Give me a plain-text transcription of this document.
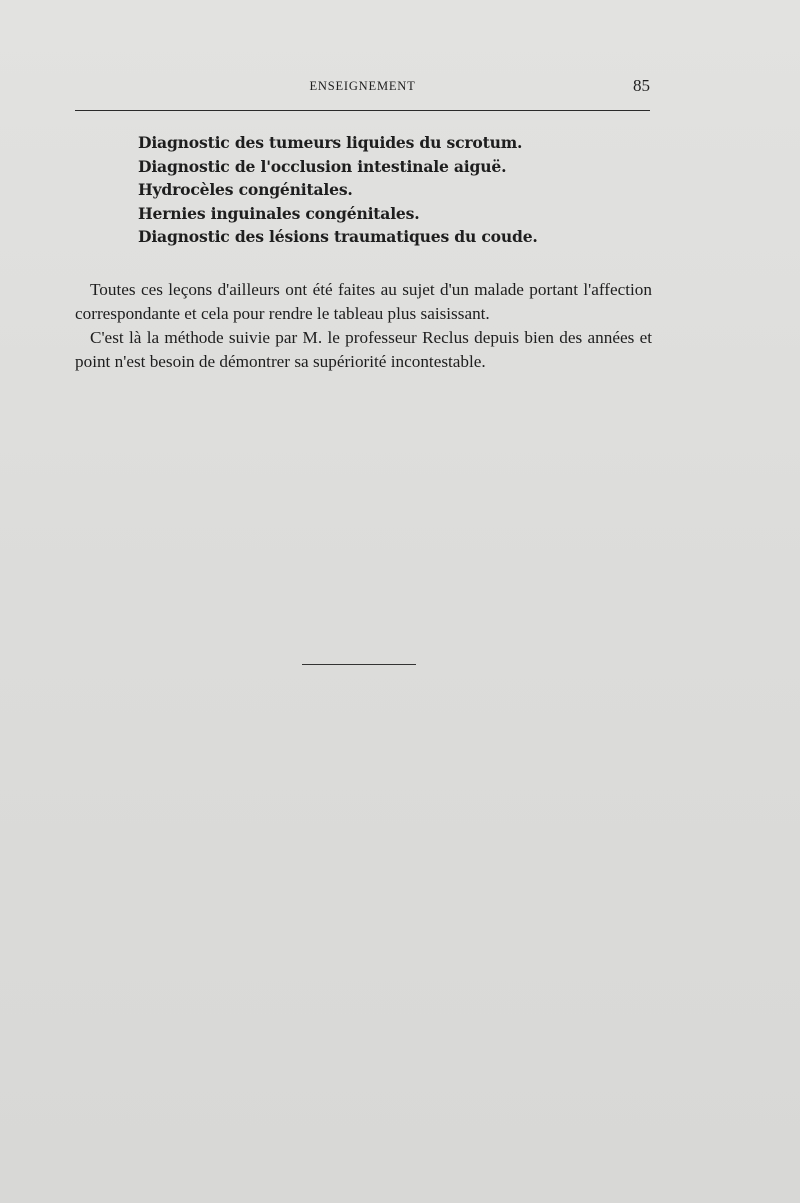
ENSEIGNEMENT	85
Diagnostic des tumeurs liquides du scrotum.
Diagnostic de l'occlusion intestinale aiguë.
Hydrocèles congénitales.
Hernies inguinales congénitales.
Diagnostic des lésions traumatiques du coude.

Toutes ces leçons d'ailleurs ont été faites au sujet d'un malade portant l'affection correspondante et cela pour rendre le tableau plus saisissant.

C'est là la méthode suivie par M. le professeur Reclus depuis bien des années et point n'est besoin de démontrer sa supériorité incontestable.
